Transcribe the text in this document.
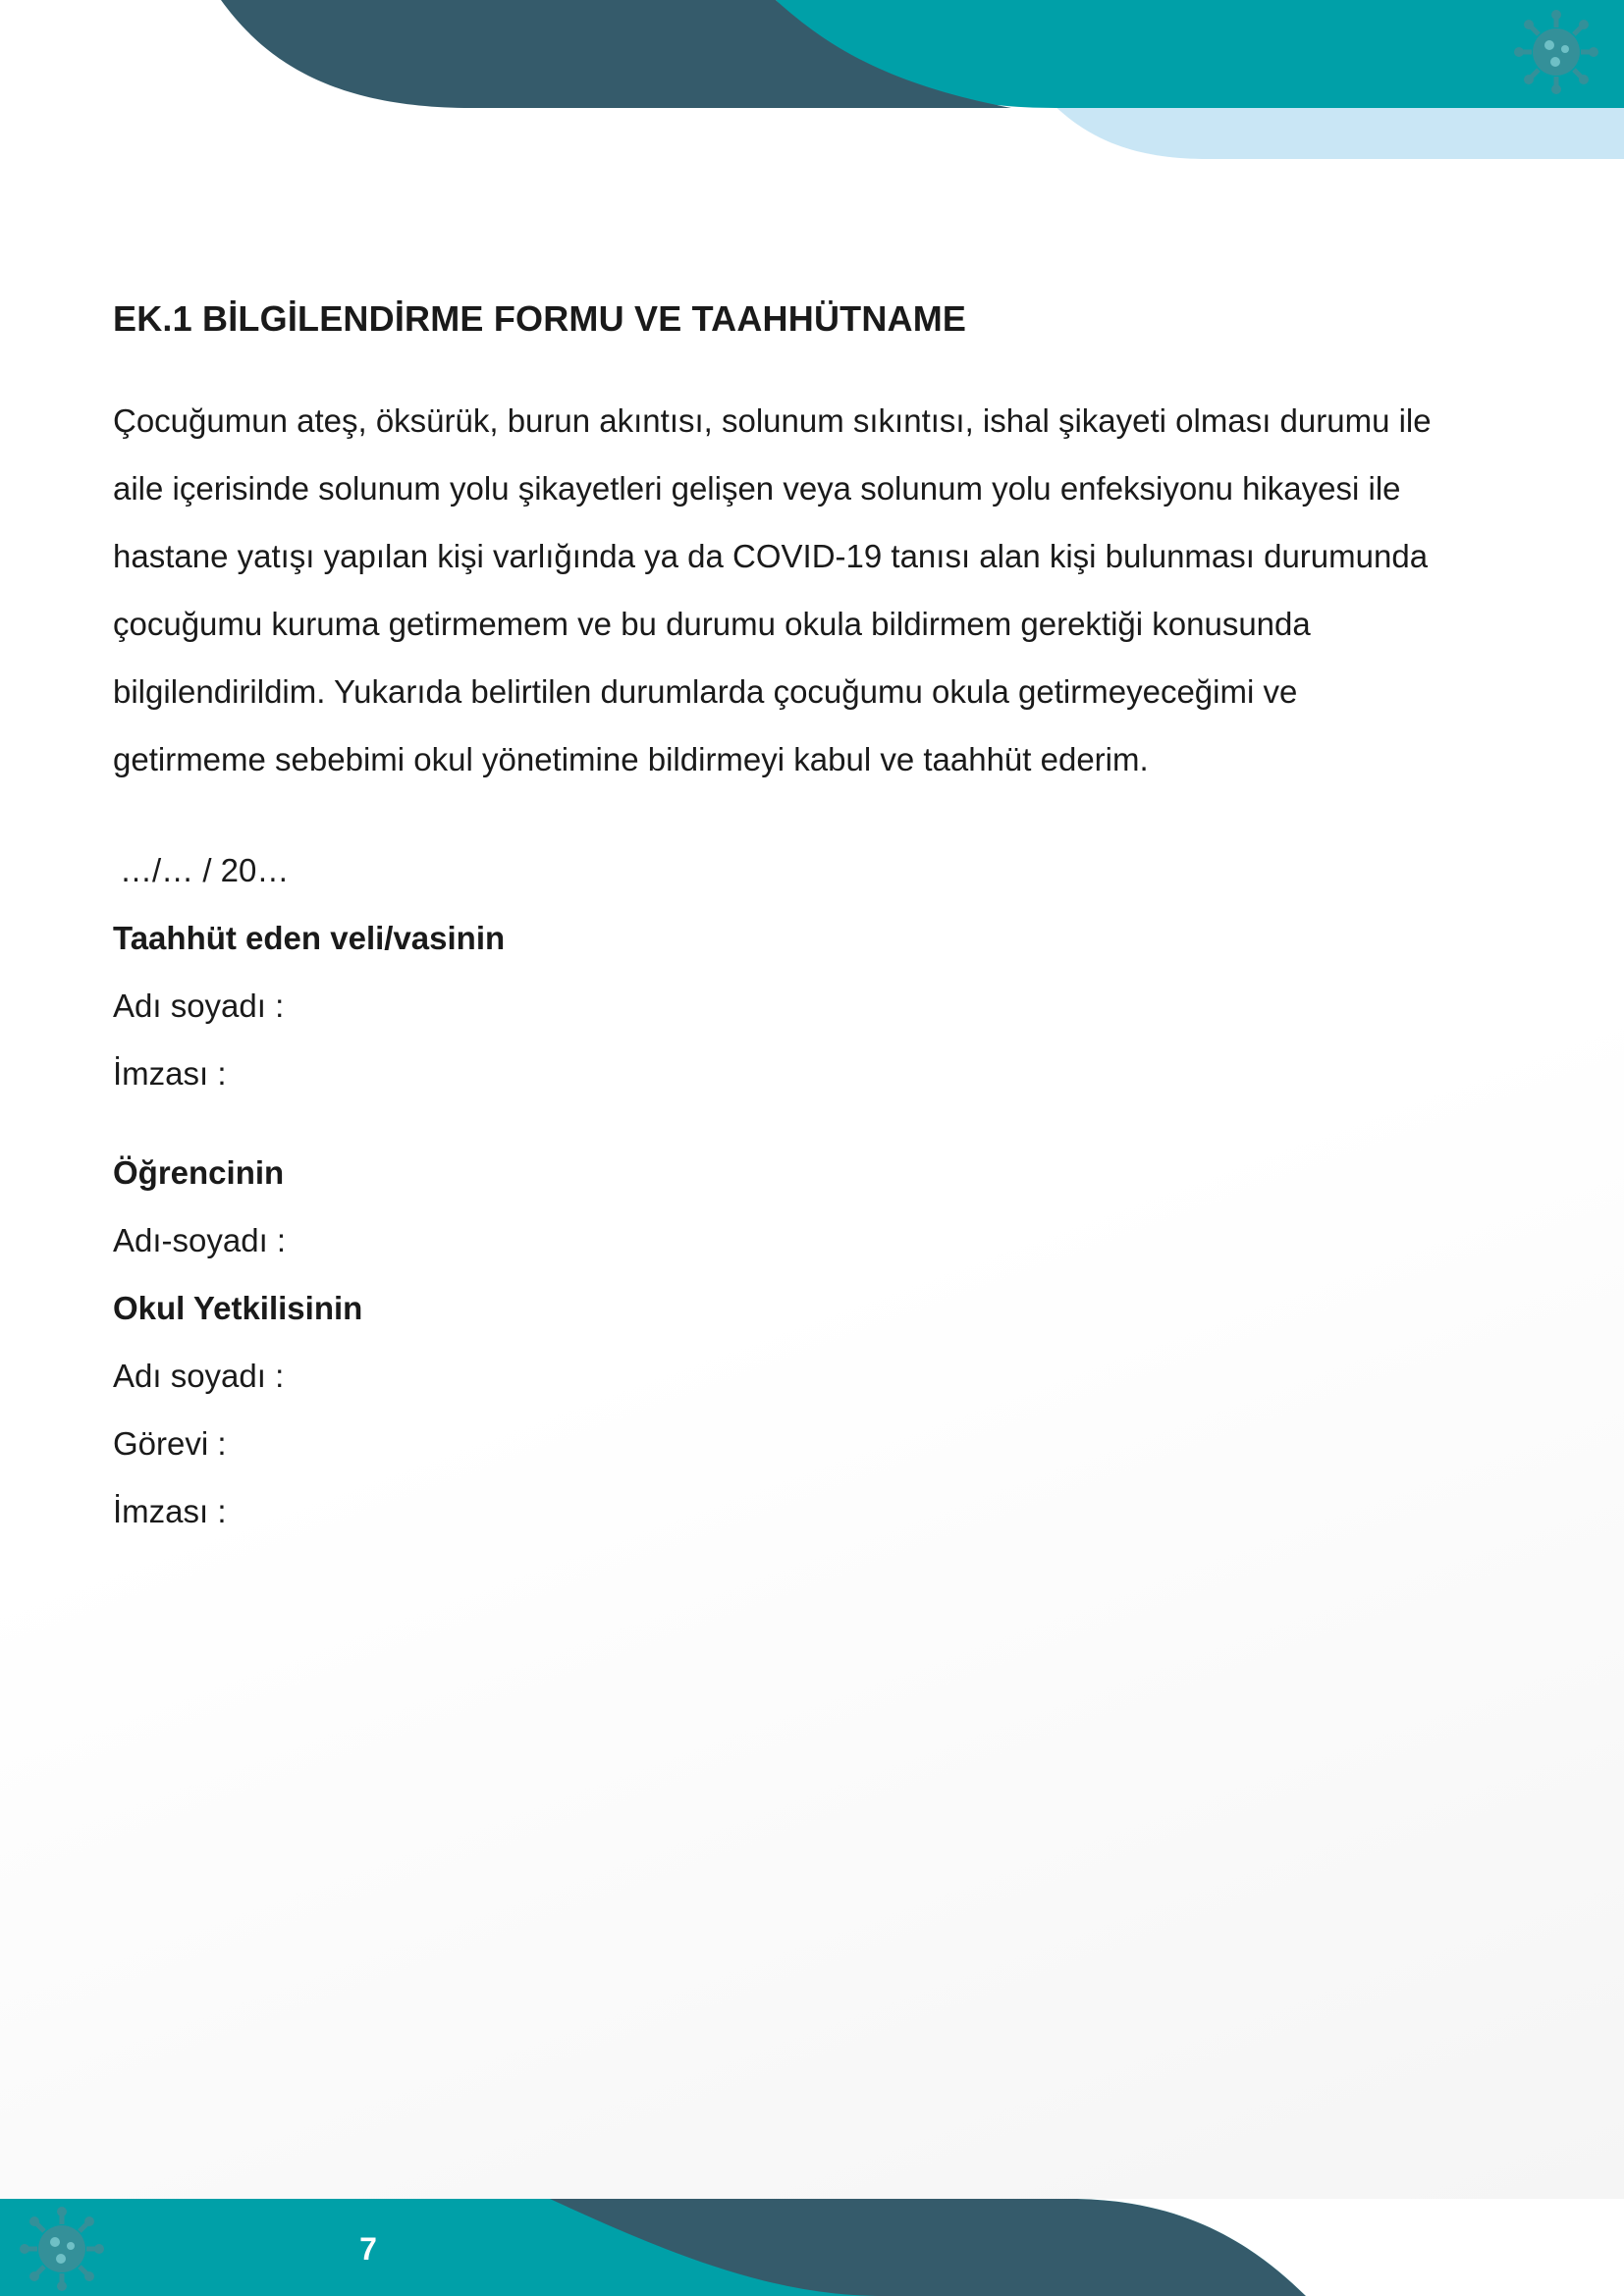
EK.1 BİLGİLENDİRME FORMU VE TAAHHÜTNAME
Çocuğumun ateş, öksürük, burun akıntısı, solunum sıkıntısı, ishal şikayeti olması durumu ile
aile içerisinde solunum yolu şikayetleri gelişen veya solunum yolu enfeksiyonu hikayesi ile
hastane yatışı yapılan kişi varlığında ya da COVID-19 tanısı alan kişi bulunması durumunda
çocuğumu kuruma getirmemem ve bu durumu okula bildirmem gerektiği konusunda
bilgilendirildim. Yukarıda belirtilen durumlarda çocuğumu okula getirmeyeceğimi ve
getirmeme sebebimi okul yönetimine bildirmeyi kabul ve taahhüt ederim.
…/… / 20…
Taahhüt eden veli/vasinin
Adı soyadı :
İmzası :
Öğrencinin
Adı-soyadı :
Okul Yetkilisinin
Adı soyadı :
Görevi :
İmzası :
7
